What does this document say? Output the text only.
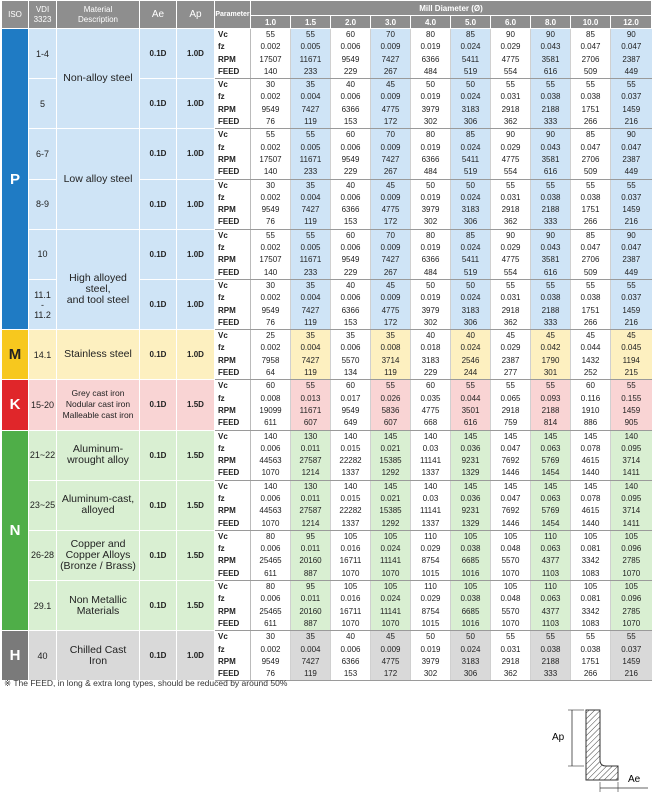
ISO	VDI
3323	Material
Description	Ae	Ap	Parameter	Mill Diameter (Ø)									
						1.0	1.5	2.0	3.0	4.0	5.0	6.0	8.0	10.0	12.0
P	1-4	Non-alloy steel	0.1D	1.0D	Vc	55	55	60	70	80	85	90	90	85	90
					fz	0.002	0.005	0.006	0.009	0.019	0.024	0.029	0.043	0.047	0.047
					RPM	17507	11671	9549	7427	6366	5411	4775	3581	2706	2387
					FEED	140	233	229	267	484	519	554	616	509	449
	5		0.1D	1.0D	Vc	30	35	40	45	50	50	55	55	55	55
					fz	0.002	0.004	0.006	0.009	0.019	0.024	0.031	0.038	0.038	0.037
					RPM	9549	7427	6366	4775	3979	3183	2918	2188	1751	1459
					FEED	76	119	153	172	302	306	362	333	266	216
	6-7	Low alloy steel	0.1D	1.0D	Vc	55	55	60	70	80	85	90	90	85	90
					fz	0.002	0.005	0.006	0.009	0.019	0.024	0.029	0.043	0.047	0.047
					RPM	17507	11671	9549	7427	6366	5411	4775	3581	2706	2387
					FEED	140	233	229	267	484	519	554	616	509	449
	8-9		0.1D	1.0D	Vc	30	35	40	45	50	50	55	55	55	55
					fz	0.002	0.004	0.006	0.009	0.019	0.024	0.031	0.038	0.038	0.037
					RPM	9549	7427	6366	4775	3979	3183	2918	2188	1751	1459
					FEED	76	119	153	172	302	306	362	333	266	216
	10	High alloyed steel,
and tool steel	0.1D	1.0D	Vc	55	55	60	70	80	85	90	90	85	90
					fz	0.002	0.005	0.006	0.009	0.019	0.024	0.029	0.043	0.047	0.047
					RPM	17507	11671	9549	7427	6366	5411	4775	3581	2706	2387
					FEED	140	233	229	267	484	519	554	616	509	449
	11.1
-
11.2		0.1D	1.0D	Vc	30	35	40	45	50	50	55	55	55	55
					fz	0.002	0.004	0.006	0.009	0.019	0.024	0.031	0.038	0.038	0.037
					RPM	9549	7427	6366	4775	3979	3183	2918	2188	1751	1459
					FEED	76	119	153	172	302	306	362	333	266	216
M	14.1	Stainless steel	0.1D	1.0D	Vc	25	35	35	35	40	40	45	45	45	45
					fz	0.002	0.004	0.006	0.008	0.018	0.024	0.029	0.042	0.044	0.045
					RPM	7958	7427	5570	3714	3183	2546	2387	1790	1432	1194
					FEED	64	119	134	119	229	244	277	301	252	215
K	15-20	Grey cast iron
Nodular cast iron
Malleable cast iron	0.1D	1.5D	Vc	60	55	60	55	60	55	55	55	60	55
					fz	0.008	0.013	0.017	0.026	0.035	0.044	0.065	0.093	0.116	0.155
					RPM	19099	11671	9549	5836	4775	3501	2918	2188	1910	1459
					FEED	611	607	649	607	668	616	759	814	886	905
N	21~22	Aluminum-
wrought alloy	0.1D	1.5D	Vc	140	130	140	145	140	145	145	145	145	140
					fz	0.006	0.011	0.015	0.021	0.03	0.036	0.047	0.063	0.078	0.095
					RPM	44563	27587	22282	15385	11141	9231	7692	5769	4615	3714
					FEED	1070	1214	1337	1292	1337	1329	1446	1454	1440	1411
	23~25	Aluminum-cast,
alloyed	0.1D	1.5D	Vc	140	130	140	145	140	145	145	145	145	140
					fz	0.006	0.011	0.015	0.021	0.03	0.036	0.047	0.063	0.078	0.095
					RPM	44563	27587	22282	15385	11141	9231	7692	5769	4615	3714
					FEED	1070	1214	1337	1292	1337	1329	1446	1454	1440	1411
	26-28	Copper and
Copper Alloys
(Bronze / Brass)	0.1D	1.5D	Vc	80	95	105	105	110	105	105	110	105	105
					fz	0.006	0.011	0.016	0.024	0.029	0.038	0.048	0.063	0.081	0.096
					RPM	25465	20160	16711	11141	8754	6685	5570	4377	3342	2785
					FEED	611	887	1070	1070	1015	1016	1070	1103	1083	1070
	29.1	Non Metallic
Materials	0.1D	1.5D	Vc	80	95	105	105	110	105	105	110	105	105
					fz	0.006	0.011	0.016	0.024	0.029	0.038	0.048	0.063	0.081	0.096
					RPM	25465	20160	16711	11141	8754	6685	5570	4377	3342	2785
					FEED	611	887	1070	1070	1015	1016	1070	1103	1083	1070
H	40	Chilled Cast
Iron	0.1D	1.0D	Vc	30	35	40	45	50	50	55	55	55	55
					fz	0.002	0.004	0.006	0.009	0.019	0.024	0.031	0.038	0.038	0.037
					RPM	9549	7427	6366	4775	3979	3183	2918	2188	1751	1459
					FEED	76	119	153	172	302	306	362	333	266	216
※ The FEED, in long & extra long types, should be reduced by around 50%
Ap
Ae
